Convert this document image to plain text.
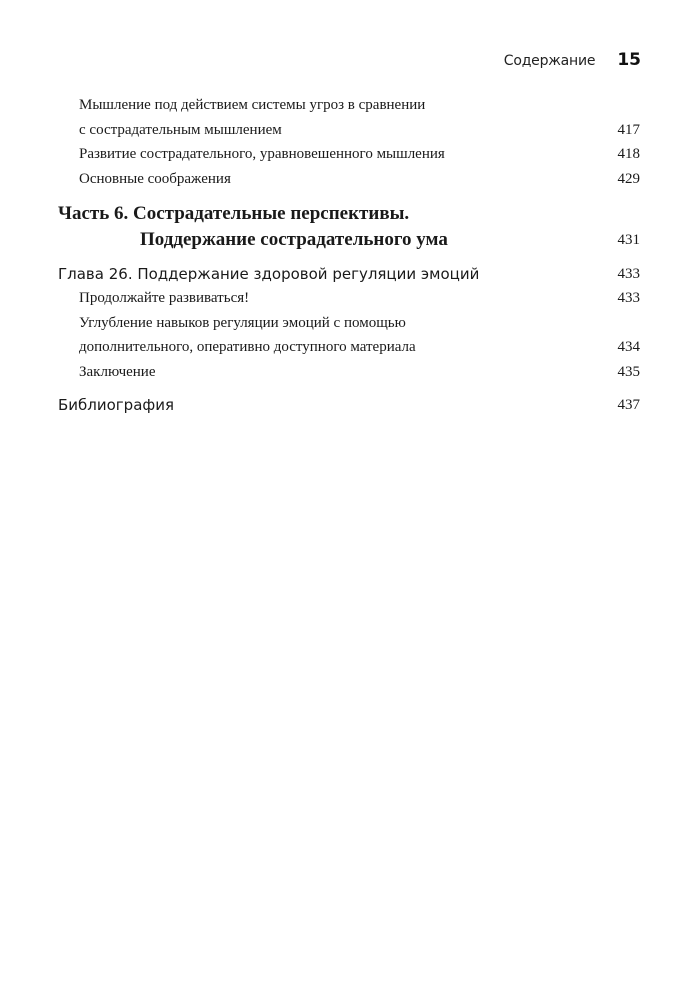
Содержание 15
Мышление под действием системы угроз в сравнении
с сострадательным мышлением	417
Развитие сострадательного, уравновешенного мышления	418
Основные соображения	429
Часть 6. Сострадательные перспективы.
Поддержание сострадательного ума	431
Глава 26. Поддержание здоровой регуляции эмоций	433
Продолжайте развиваться!	433
Углубление навыков регуляции эмоций с помощью
дополнительного, оперативно доступного материала	434
Заключение	435
Библиография	437
